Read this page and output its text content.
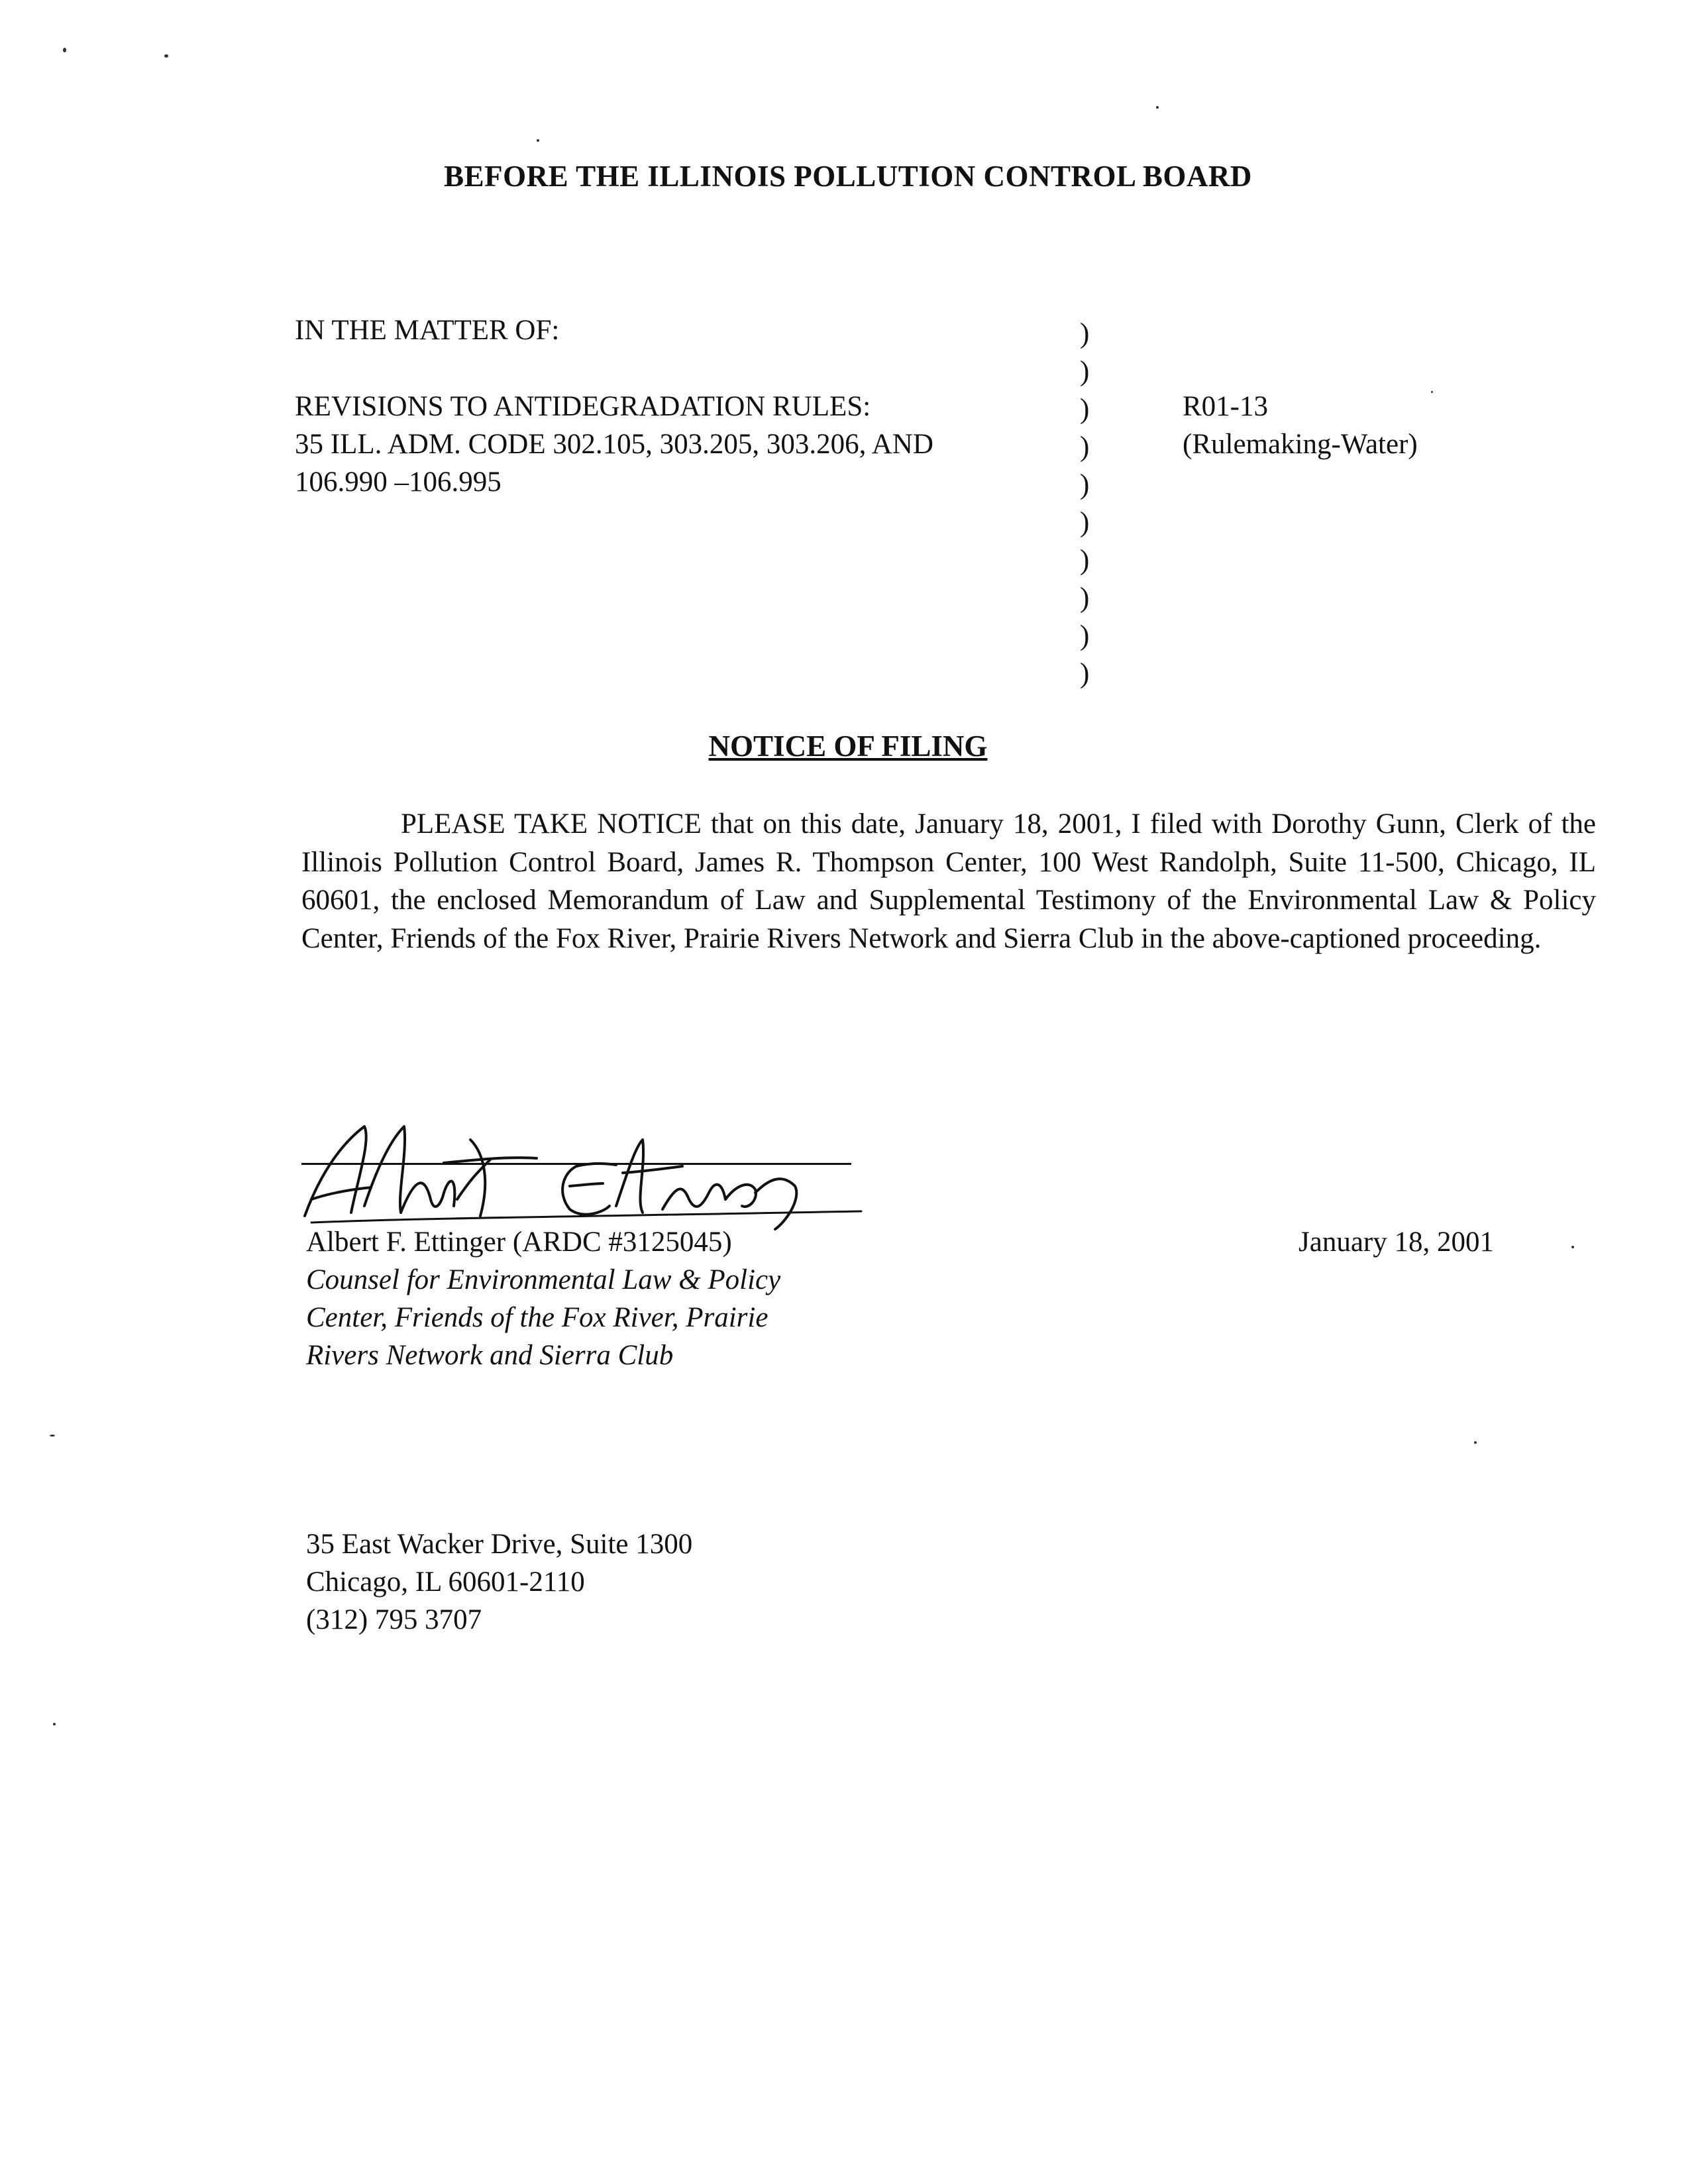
BEFORE THE ILLINOIS POLLUTION CONTROL BOARD
IN THE MATTER OF:
REVISIONS TO ANTIDEGRADATION RULES:
35 ILL. ADM. CODE 302.105, 303.205, 303.206, AND
106.990 –106.995
)
)
)
)
)
)
)
)
)
)
R01-13
(Rulemaking-Water)
NOTICE OF FILING
PLEASE TAKE NOTICE that on this date, January 18, 2001, I filed with Dorothy Gunn, Clerk of the Illinois Pollution Control Board, James R. Thompson Center, 100 West Randolph, Suite 11-500, Chicago, IL 60601, the enclosed Memorandum of Law and Supplemental Testimony of the Environmental Law & Policy Center, Friends of the Fox River, Prairie Rivers Network and Sierra Club in the above-captioned proceeding.
Albert F. Ettinger (ARDC #3125045)
Counsel for Environmental Law & Policy
Center, Friends of the Fox River, Prairie
Rivers Network and Sierra Club
January 18, 2001
35 East Wacker Drive, Suite 1300
Chicago, IL 60601-2110
(312) 795 3707
